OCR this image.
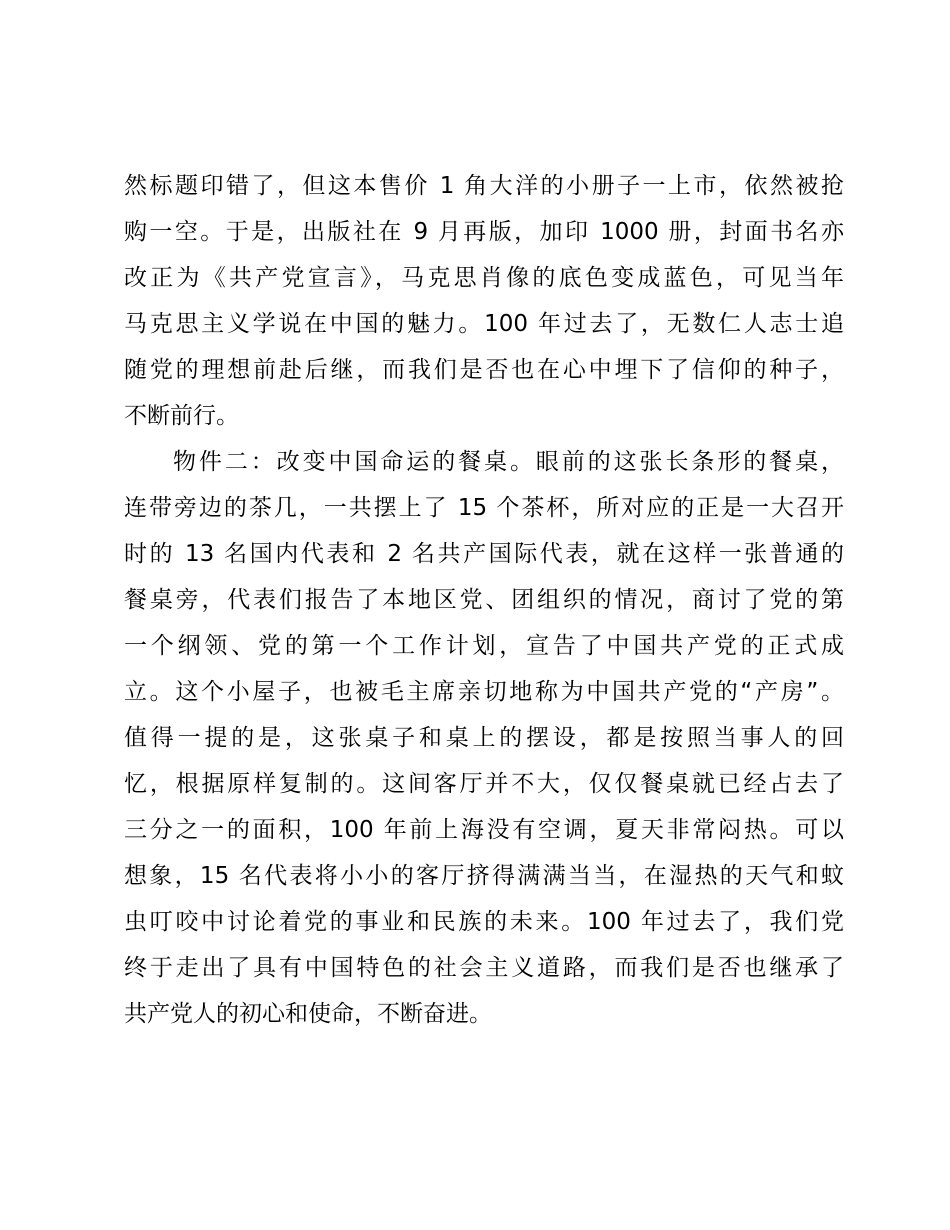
然标题印错了，但这本售价 1 角大洋的小册子一上市，依然被抢
购一空。于是，出版社在 9 月再版，加印 1000 册，封面书名亦
改正为《共产党宣言》，马克思肖像的底色变成蓝色，可见当年
马克思主义学说在中国的魅力。100 年过去了，无数仁人志士追
随党的理想前赴后继，而我们是否也在心中埋下了信仰的种子，
不断前行。
物件二：改变中国命运的餐桌。眼前的这张长条形的餐桌，
连带旁边的茶几，一共摆上了 15 个茶杯，所对应的正是一大召开
时的 13 名国内代表和 2 名共产国际代表，就在这样一张普通的
餐桌旁，代表们报告了本地区党、团组织的情况，商讨了党的第
一个纲领、党的第一个工作计划，宣告了中国共产党的正式成
立。这个小屋子，也被毛主席亲切地称为中国共产党的“产房”。
值得一提的是，这张桌子和桌上的摆设，都是按照当事人的回
忆，根据原样复制的。这间客厅并不大，仅仅餐桌就已经占去了
三分之一的面积，100 年前上海没有空调，夏天非常闷热。可以
想象，15 名代表将小小的客厅挤得满满当当，在湿热的天气和蚊
虫叮咬中讨论着党的事业和民族的未来。100 年过去了，我们党
终于走出了具有中国特色的社会主义道路，而我们是否也继承了
共产党人的初心和使命，不断奋进。
